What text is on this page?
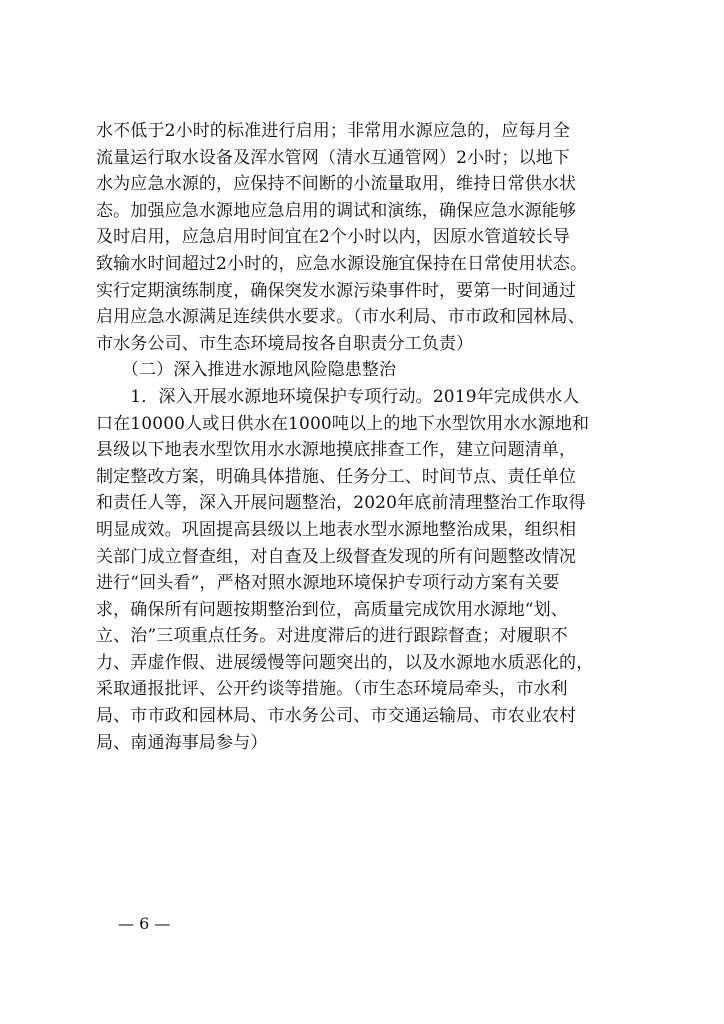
水不低于2小时的标准进行启用；非常用水源应急的，应每月全
流量运行取水设备及浑水管网（清水互通管网）2小时；以地下
水为应急水源的，应保持不间断的小流量取用，维持日常供水状
态。加强应急水源地应急启用的调试和演练，确保应急水源能够
及时启用，应急启用时间宜在2个小时以内，因原水管道较长导
致输水时间超过2小时的，应急水源设施宜保持在日常使用状态。
实行定期演练制度，确保突发水源污染事件时，要第一时间通过
启用应急水源满足连续供水要求。（市水利局、市市政和园林局、
市水务公司、市生态环境局按各自职责分工负责）
　　（二）深入推进水源地风险隐患整治
　　1．深入开展水源地环境保护专项行动。2019年完成供水人
口在10000人或日供水在1000吨以上的地下水型饮用水水源地和
县级以下地表水型饮用水水源地摸底排查工作，建立问题清单，
制定整改方案，明确具体措施、任务分工、时间节点、责任单位
和责任人等，深入开展问题整治，2020年底前清理整治工作取得
明显成效。巩固提高县级以上地表水型水源地整治成果，组织相
关部门成立督查组，对自查及上级督查发现的所有问题整改情况
进行“回头看”，严格对照水源地环境保护专项行动方案有关要
求，确保所有问题按期整治到位，高质量完成饮用水源地“划、
立、治”三项重点任务。对进度滞后的进行跟踪督查；对履职不
力、弄虚作假、进展缓慢等问题突出的，以及水源地水质恶化的，
采取通报批评、公开约谈等措施。（市生态环境局牵头，市水利
局、市市政和园林局、市水务公司、市交通运输局、市农业农村
局、南通海事局参与）
— 6 —
